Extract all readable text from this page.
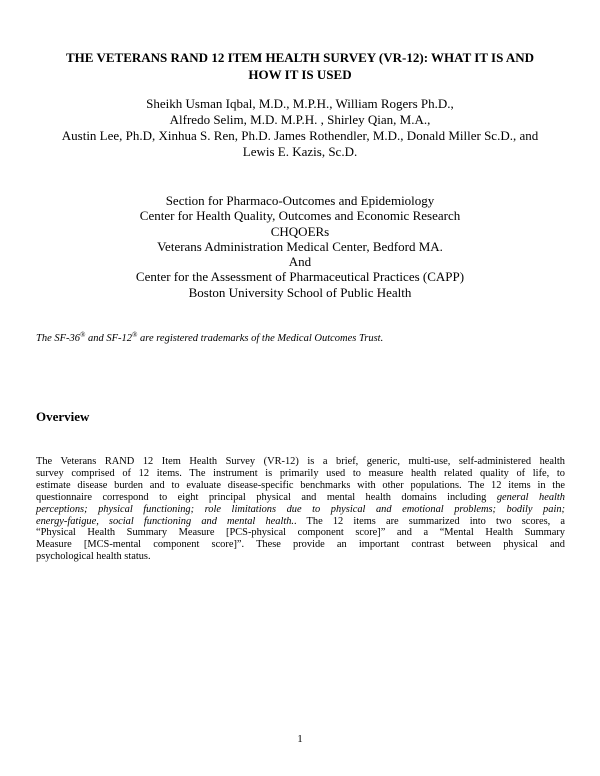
THE VETERANS RAND 12 ITEM HEALTH SURVEY (VR-12): WHAT IT IS AND
HOW IT IS USED
Sheikh Usman Iqbal, M.D., M.P.H., William Rogers Ph.D.,
Alfredo Selim, M.D. M.P.H. , Shirley Qian, M.A.,
Austin Lee, Ph.D, Xinhua S. Ren, Ph.D. James Rothendler, M.D., Donald Miller Sc.D., and
Lewis E. Kazis, Sc.D.
Section for Pharmaco-Outcomes and Epidemiology
Center for Health Quality, Outcomes and Economic Research
CHQOERs
Veterans Administration Medical Center, Bedford MA.
And
Center for the Assessment of Pharmaceutical Practices (CAPP)
Boston University School of Public Health
The SF-36® and SF-12® are registered trademarks of the Medical Outcomes Trust.
Overview
The Veterans RAND 12 Item Health Survey (VR-12) is a brief, generic, multi-use, self-administered health
survey comprised of 12 items. The instrument is primarily used to measure health related quality of life, to
estimate disease burden and to evaluate disease-specific benchmarks with other populations. The 12 items in the
questionnaire correspond to eight principal physical and mental health domains including general health
perceptions; physical functioning; role limitations due to physical and emotional problems; bodily pain;
energy-fatigue, social functioning and mental health.. The 12 items are summarized into two scores, a
“Physical Health Summary Measure [PCS-physical component score]” and a “Mental Health Summary
Measure [MCS-mental component score]”. These provide an important contrast between physical and
psychological health status.
1
